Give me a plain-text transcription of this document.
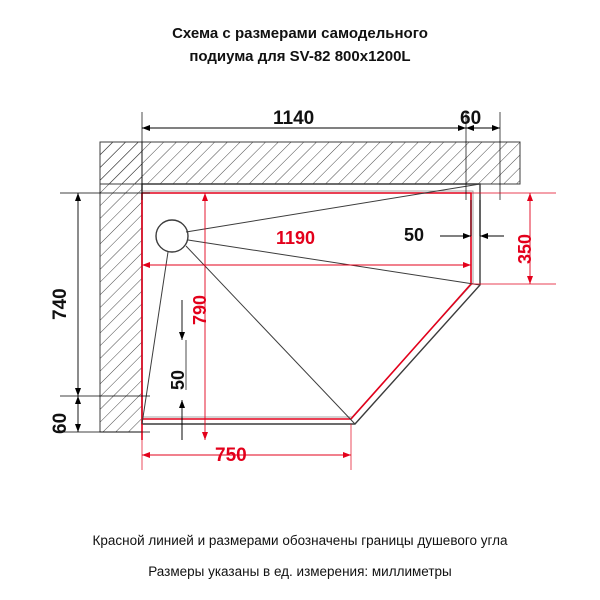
Схема с размерами самодельного
подиума для SV-82 800x1200L
1140	60
740
60
350
1190	50
790
50
750
Красной линией и размерами обозначены границы душевого угла
Размеры указаны в ед. измерения: миллиметры
